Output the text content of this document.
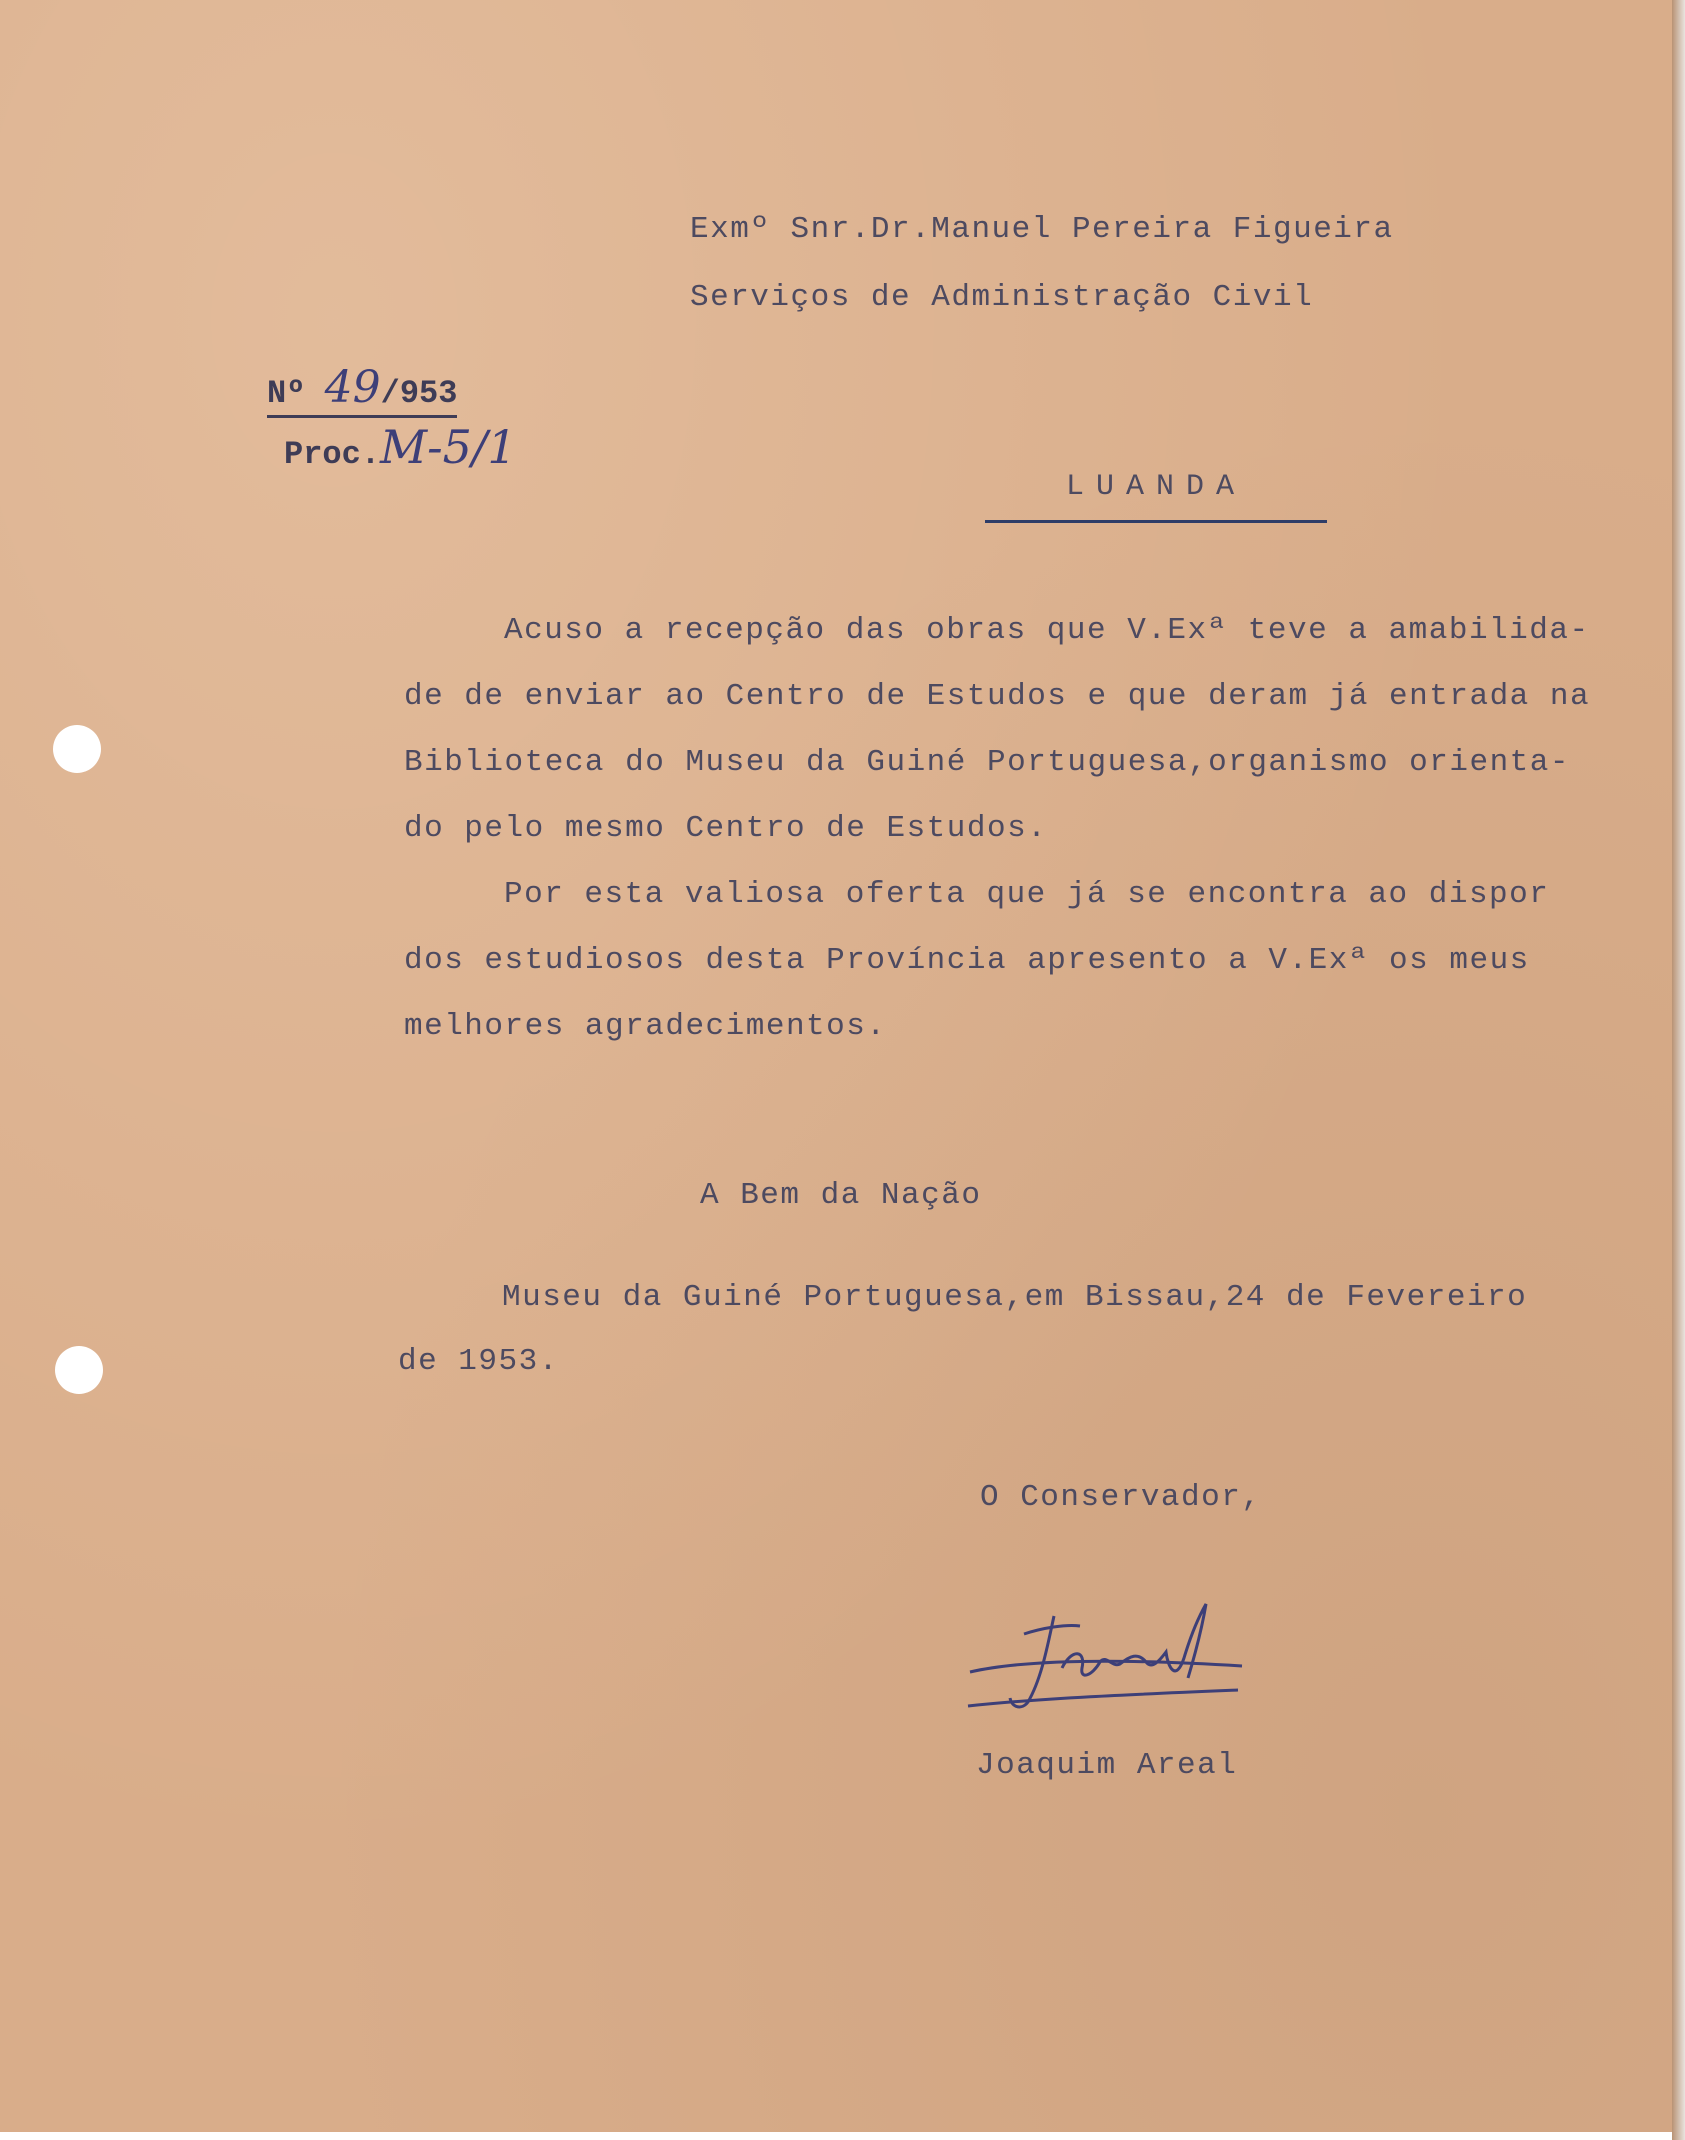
Exmº Snr.Dr.Manuel Pereira Figueira

Serviços de Administração Civil

Nº 49/953
Proc.M-5/1
LUANDA

Acuso a recepção das obras que V.Exª teve a amabilida-

de de enviar ao Centro de Estudos e que deram já entrada na

Biblioteca do Museu da Guiné Portuguesa,organismo orienta-

do pelo mesmo Centro de Estudos.

Por esta valiosa oferta que já se encontra ao dispor

dos estudiosos desta Província apresento a V.Exª os meus

melhores agradecimentos.

A Bem da Nação

Museu da Guiné Portuguesa,em Bissau,24 de Fevereiro

de 1953.

O Conservador,

Joaquim Areal
